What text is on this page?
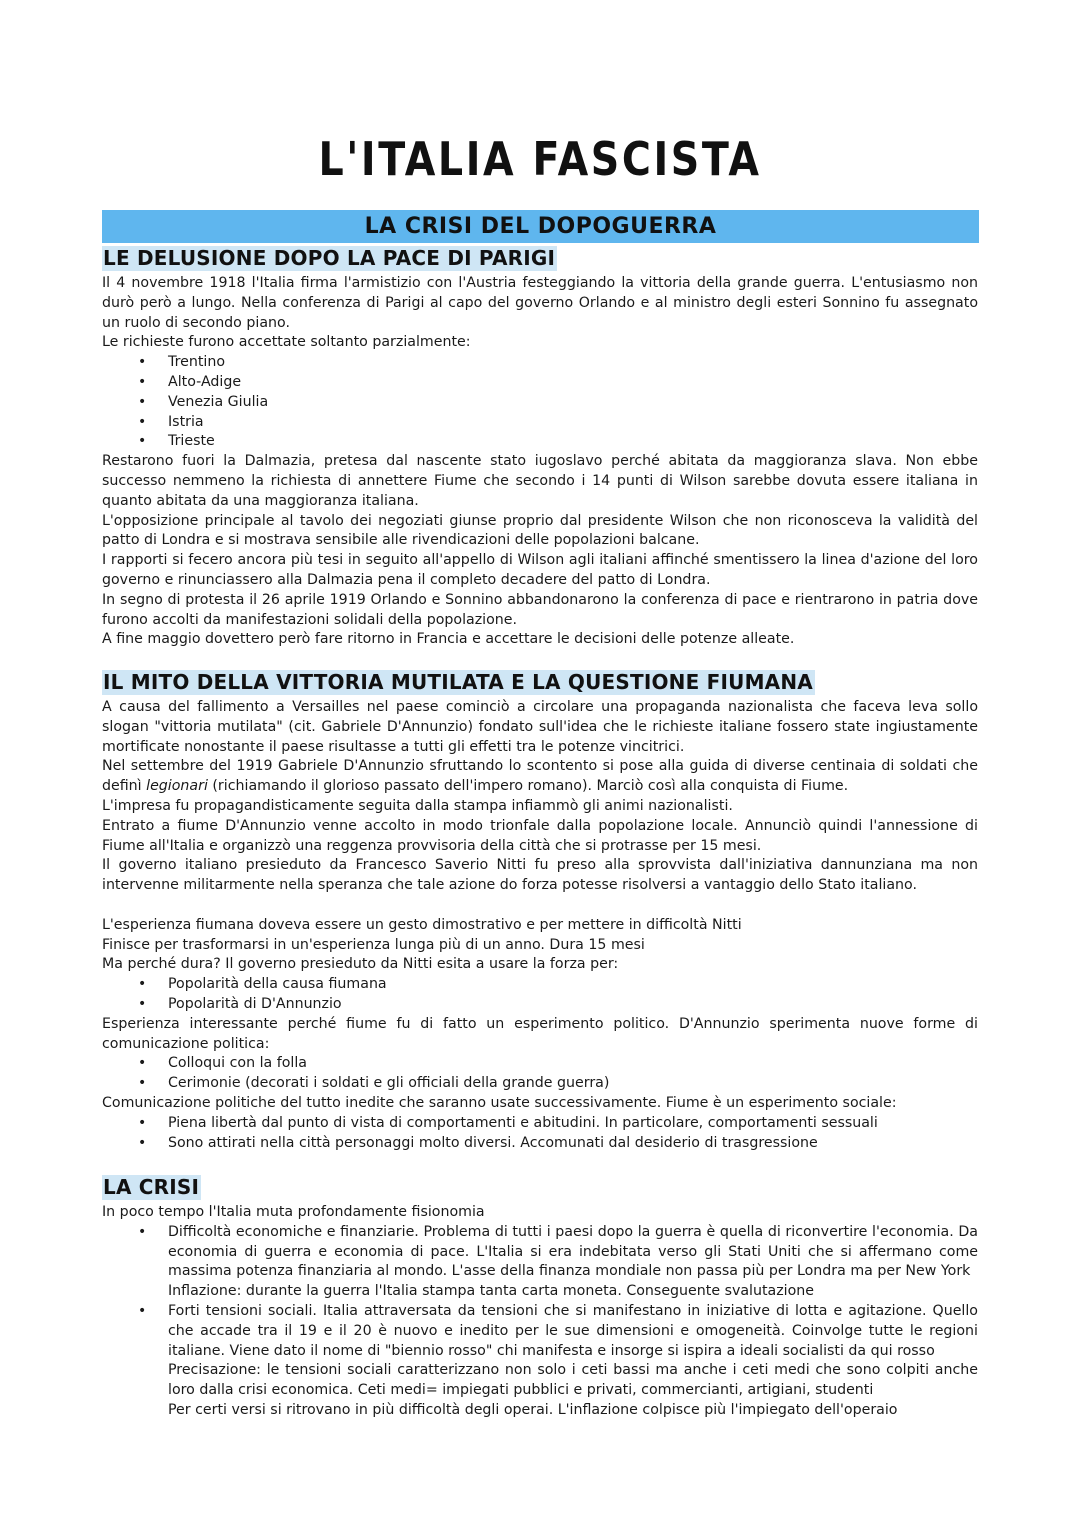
L'ITALIA FASCISTA
LA CRISI DEL DOPOGUERRA
LE DELUSIONE DOPO LA PACE DI PARIGI

Il 4 novembre 1918 l'Italia firma l'armistizio con l'Austria festeggiando la vittoria della grande guerra. L'entusiasmo non durò però a lungo. Nella conferenza di Parigi al capo del governo Orlando e al ministro degli esteri Sonnino fu assegnato un ruolo di secondo piano.

Le richieste furono accettate soltanto parzialmente:

• Trentino
• Alto-Adige
• Venezia Giulia
• Istria
• Trieste

Restarono fuori la Dalmazia, pretesa dal nascente stato iugoslavo perché abitata da maggioranza slava. Non ebbe successo nemmeno la richiesta di annettere Fiume che secondo i 14 punti di Wilson sarebbe dovuta essere italiana in quanto abitata da una maggioranza italiana.

L'opposizione principale al tavolo dei negoziati giunse proprio dal presidente Wilson che non riconosceva la validità del patto di Londra e si mostrava sensibile alle rivendicazioni delle popolazioni balcane.

I rapporti si fecero ancora più tesi in seguito all'appello di Wilson agli italiani affinché smentissero la linea d'azione del loro governo e rinunciassero alla Dalmazia pena il completo decadere del patto di Londra.

In segno di protesta il 26 aprile 1919 Orlando e Sonnino abbandonarono la conferenza di pace e rientrarono in patria dove furono accolti da manifestazioni solidali della popolazione.

A fine maggio dovettero però fare ritorno in Francia e accettare le decisioni delle potenze alleate.

IL MITO DELLA VITTORIA MUTILATA E LA QUESTIONE FIUMANA

A causa del fallimento a Versailles nel paese cominciò a circolare una propaganda nazionalista che faceva leva sollo slogan "vittoria mutilata" (cit. Gabriele D'Annunzio) fondato sull'idea che le richieste italiane fossero state ingiustamente mortificate nonostante il paese risultasse a tutti gli effetti tra le potenze vincitrici.

Nel settembre del 1919 Gabriele D'Annunzio sfruttando lo scontento si pose alla guida di diverse centinaia di soldati che definì legionari (richiamando il glorioso passato dell'impero romano). Marciò così alla conquista di Fiume.

L'impresa fu propagandisticamente seguita dalla stampa infiammò gli animi nazionalisti.

Entrato a fiume D'Annunzio venne accolto in modo trionfale dalla popolazione locale. Annunciò quindi l'annessione di Fiume all'Italia e organizzò una reggenza provvisoria della città che si protrasse per 15 mesi.

Il governo italiano presieduto da Francesco Saverio Nitti fu preso alla sprovvista dall'iniziativa dannunziana ma non intervenne militarmente nella speranza che tale azione do forza potesse risolversi a vantaggio dello Stato italiano.

L'esperienza fiumana doveva essere un gesto dimostrativo e per mettere in difficoltà Nitti

Finisce per trasformarsi in un'esperienza lunga più di un anno. Dura 15 mesi

Ma perché dura? Il governo presieduto da Nitti esita a usare la forza per:

• Popolarità della causa fiumana
• Popolarità di D'Annunzio

Esperienza interessante perché fiume fu di fatto un esperimento politico. D'Annunzio sperimenta nuove forme di comunicazione politica:

• Colloqui con la folla
• Cerimonie (decorati i soldati e gli officiali della grande guerra)

Comunicazione politiche del tutto inedite che saranno usate successivamente. Fiume è un esperimento sociale:

• Piena libertà dal punto di vista di comportamenti e abitudini. In particolare, comportamenti sessuali
• Sono attirati nella città personaggi molto diversi. Accomunati dal desiderio di trasgressione
LA CRISI

In poco tempo l'Italia muta profondamente fisionomia

• Difficoltà economiche e finanziarie. Problema di tutti i paesi dopo la guerra è quella di riconvertire l'economia. Da economia di guerra e economia di pace. L'Italia si era indebitata verso gli Stati Uniti che si affermano come massima potenza finanziaria al mondo. L'asse della finanza mondiale non passa più per Londra ma per New York
Inflazione: durante la guerra l'Italia stampa tanta carta moneta. Conseguente svalutazione
• Forti tensioni sociali. Italia attraversata da tensioni che si manifestano in iniziative di lotta e agitazione. Quello che accade tra il 19 e il 20 è nuovo e inedito per le sue dimensioni e omogeneità. Coinvolge tutte le regioni italiane. Viene dato il nome di "biennio rosso" chi manifesta e insorge si ispira a ideali socialisti da qui rosso
Precisazione: le tensioni sociali caratterizzano non solo i ceti bassi ma anche i ceti medi che sono colpiti anche loro dalla crisi economica. Ceti medi= impiegati pubblici e privati, commercianti, artigiani, studenti
Per certi versi si ritrovano in più difficoltà degli operai. L'inflazione colpisce più l'impiegato dell'operaio
